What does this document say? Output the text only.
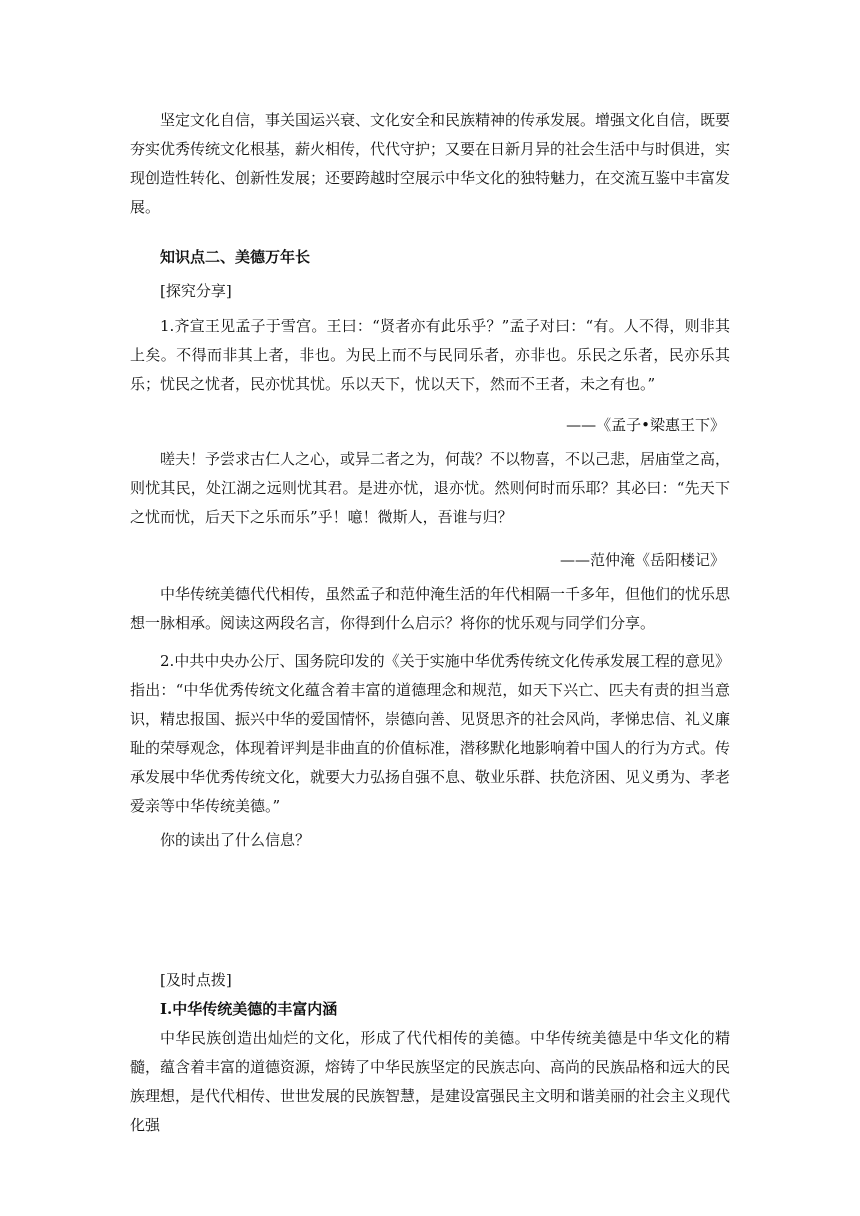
坚定文化自信，事关国运兴衰、文化安全和民族精神的传承发展。增强文化自信，既要夯实优秀传统文化根基，薪火相传，代代守护；又要在日新月异的社会生活中与时俱进，实现创造性转化、创新性发展；还要跨越时空展示中华文化的独特魅力，在交流互鉴中丰富发展。

知识点二、美德万年长

[探究分享]

1.齐宣王见孟子于雪宫。王曰：“贤者亦有此乐乎？”孟子对曰：“有。人不得，则非其上矣。不得而非其上者，非也。为民上而不与民同乐者，亦非也。乐民之乐者，民亦乐其乐；忧民之忧者，民亦忧其忧。乐以天下，忧以天下，然而不王者，未之有也。”

——《孟子•梁惠王下》

嗟夫！予尝求古仁人之心，或异二者之为，何哉？不以物喜，不以己悲，居庙堂之高，则忧其民，处江湖之远则忧其君。是进亦忧，退亦忧。然则何时而乐耶？其必曰：“先天下之忧而忧，后天下之乐而乐”乎！噫！微斯人，吾谁与归？

——范仲淹《岳阳楼记》

中华传统美德代代相传，虽然孟子和范仲淹生活的年代相隔一千多年，但他们的忧乐思想一脉相承。阅读这两段名言，你得到什么启示？将你的忧乐观与同学们分享。

2.中共中央办公厅、国务院印发的《关于实施中华优秀传统文化传承发展工程的意见》指出：“中华优秀传统文化蕴含着丰富的道德理念和规范，如天下兴亡、匹夫有责的担当意识，精忠报国、振兴中华的爱国情怀，崇德向善、见贤思齐的社会风尚，孝悌忠信、礼义廉耻的荣辱观念，体现着评判是非曲直的价值标准，潜移默化地影响着中国人的行为方式。传承发展中华优秀传统文化，就要大力弘扬自强不息、敬业乐群、扶危济困、见义勇为、孝老爱亲等中华传统美德。”

你的读出了什么信息？

[及时点拨]

Ⅰ.中华传统美德的丰富内涵

中华民族创造出灿烂的文化，形成了代代相传的美德。中华传统美德是中华文化的精髓，蕴含着丰富的道德资源，熔铸了中华民族坚定的民族志向、高尚的民族品格和远大的民族理想，是代代相传、世世发展的民族智慧，是建设富强民主文明和谐美丽的社会主义现代化强
